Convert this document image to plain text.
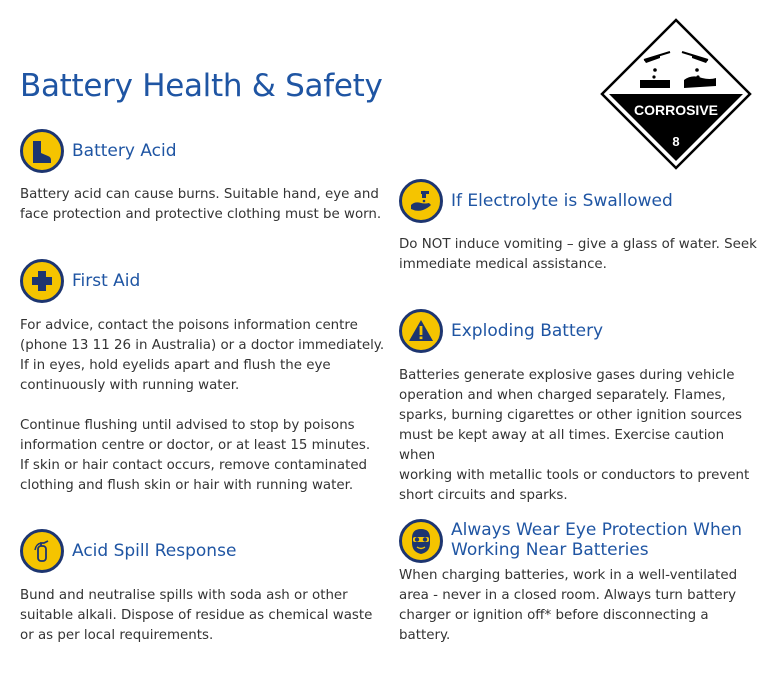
Battery Health & Safety
CORROSIVE
8
Battery Acid
Battery acid can cause burns. Suitable hand, eye and
face protection and protective clothing must be worn.
First Aid
For advice, contact the poisons information centre
(phone 13 11 26 in Australia) or a doctor immediately.
If in eyes, hold eyelids apart and flush the eye
continuously with running water.
Continue flushing until advised to stop by poisons
information centre or doctor, or at least 15 minutes.
If skin or hair contact occurs, remove contaminated
clothing and flush skin or hair with running water.
Acid Spill Response
Bund and neutralise spills with soda ash or other
suitable alkali. Dispose of residue as chemical waste
or as per local requirements.
If Electrolyte is Swallowed
Do NOT induce vomiting – give a glass of water. Seek
immediate medical assistance.
Exploding Battery
Batteries generate explosive gases during vehicle
operation and when charged separately. Flames,
sparks, burning cigarettes or other ignition sources
must be kept away at all times. Exercise caution when
working with metallic tools or conductors to prevent
short circuits and sparks.
Always Wear Eye Protection When
Working Near Batteries
When charging batteries, work in a well-ventilated
area - never in a closed room. Always turn battery
charger or ignition off* before disconnecting a
battery.
